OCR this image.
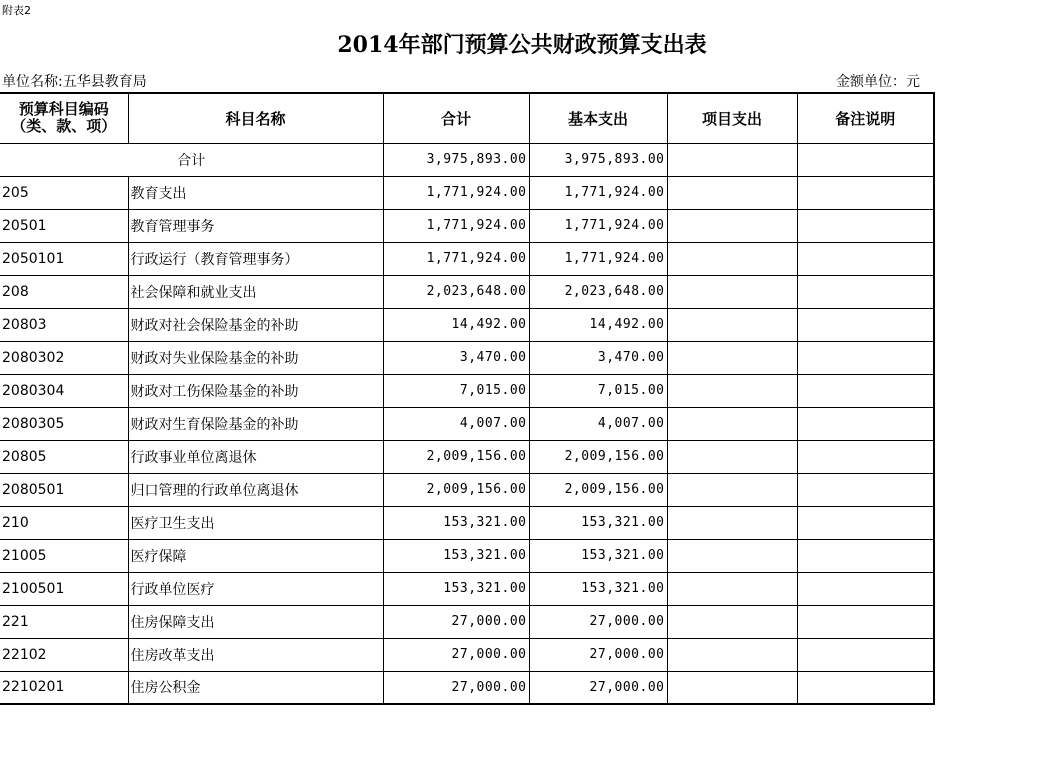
附表2
2014年部门预算公共财政预算支出表
单位名称:五华县教育局	金额单位：元
预算科目编码
（类、款、项）	科目名称	合计	基本支出	项目支出	备注说明
合计		3,975,893.00	3,975,893.00		
205	教育支出	1,771,924.00	1,771,924.00		
20501	教育管理事务	1,771,924.00	1,771,924.00		
2050101	行政运行（教育管理事务）	1,771,924.00	1,771,924.00		
208	社会保障和就业支出	2,023,648.00	2,023,648.00		
20803	财政对社会保险基金的补助	14,492.00	14,492.00		
2080302	财政对失业保险基金的补助	3,470.00	3,470.00		
2080304	财政对工伤保险基金的补助	7,015.00	7,015.00		
2080305	财政对生育保险基金的补助	4,007.00	4,007.00		
20805	行政事业单位离退休	2,009,156.00	2,009,156.00		
2080501	归口管理的行政单位离退休	2,009,156.00	2,009,156.00		
210	医疗卫生支出	153,321.00	153,321.00		
21005	医疗保障	153,321.00	153,321.00		
2100501	行政单位医疗	153,321.00	153,321.00		
221	住房保障支出	27,000.00	27,000.00		
22102	住房改革支出	27,000.00	27,000.00		
2210201	住房公积金	27,000.00	27,000.00		
